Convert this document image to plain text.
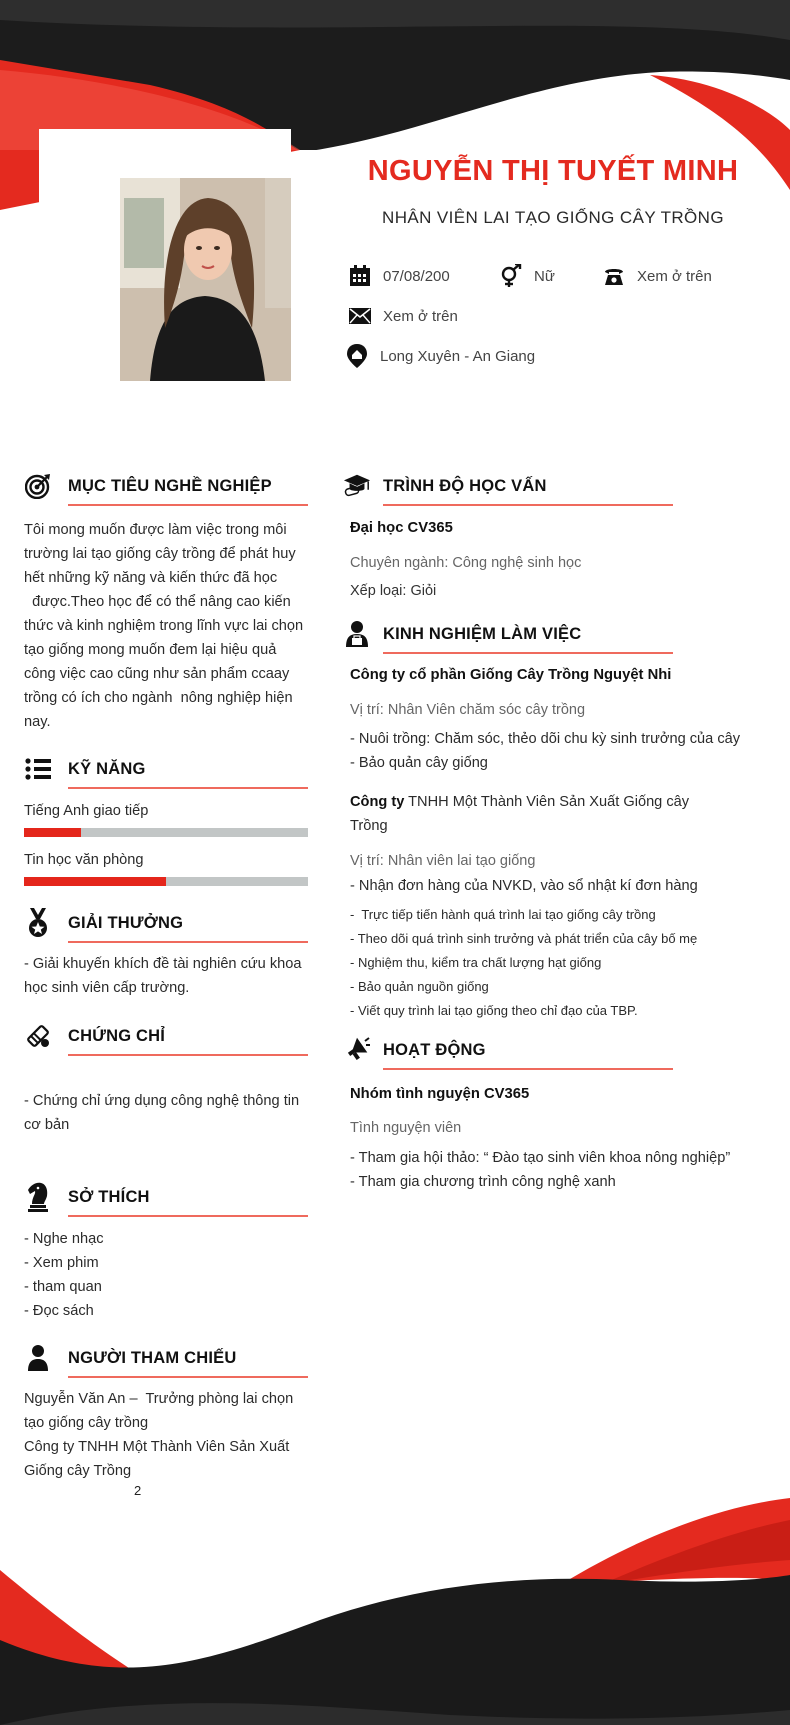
NGUYỄN THỊ TUYẾT MINH
NHÂN VIÊN LAI TẠO GIỐNG CÂY TRỒNG
07/08/200	Nữ	Xem ở trên
Xem ở trên
Long Xuyên - An Giang
MỤC TIÊU NGHỀ NGHIỆP
Tôi mong muốn được làm việc trong môi
trường lai tạo giống cây trồng để phát huy
hết những kỹ năng và kiến thức đã học
được.Theo học để có thể nâng cao kiến
thức và kinh nghiệm trong lĩnh vực lai chọn
tạo giống mong muốn đem lại hiệu quả
công việc cao cũng như sản phẩm ccaay
trồng có ích cho ngành  nông nghiệp hiện
nay.
KỸ NĂNG
Tiếng Anh giao tiếp
Tin học văn phòng
GIẢI THƯỞNG
- Giải khuyến khích đề tài nghiên cứu khoa
học sinh viên cấp trường.
CHỨNG CHỈ
- Chứng chỉ ứng dụng công nghệ thông tin
cơ bản
SỞ THÍCH
- Nghe nhạc
- Xem phim
- tham quan
- Đọc sách
NGƯỜI THAM CHIẾU
Nguyễn Văn An –  Trưởng phòng lai chọn
tạo giống cây trồng
Công ty TNHH Một Thành Viên Sản Xuất
Giống cây Trồng
2
TRÌNH ĐỘ HỌC VẤN
Đại học CV365
Chuyên ngành: Công nghệ sinh học
Xếp loại: Giỏi
KINH NGHIỆM LÀM VIỆC
Công ty cổ phần Giống Cây Trồng Nguyệt Nhi
Vị trí: Nhân Viên chăm sóc cây trồng
- Nuôi trồng: Chăm sóc, thẻo dõi chu kỳ sinh trưởng của cây
- Bảo quản cây giống
Công ty TNHH Một Thành Viên Sản Xuất Giống cây
Trồng
Vị trí: Nhân viên lai tạo giống
- Nhận đơn hàng của NVKD, vào sổ nhật kí đơn hàng
-  Trực tiếp tiến hành quá trình lai tạo giống cây trồng
- Theo dõi quá trình sinh trưởng và phát triển của cây bố mẹ
- Nghiệm thu, kiểm tra chất lượng hạt giống
- Bảo quản nguồn giống
- Viết quy trình lai tạo giống theo chỉ đạo của TBP.
HOẠT ĐỘNG
Nhóm tình nguyện CV365
Tình nguyện viên
- Tham gia hội thảo: “ Đào tạo sinh viên khoa nông nghiệp”
- Tham gia chương trình công nghệ xanh
